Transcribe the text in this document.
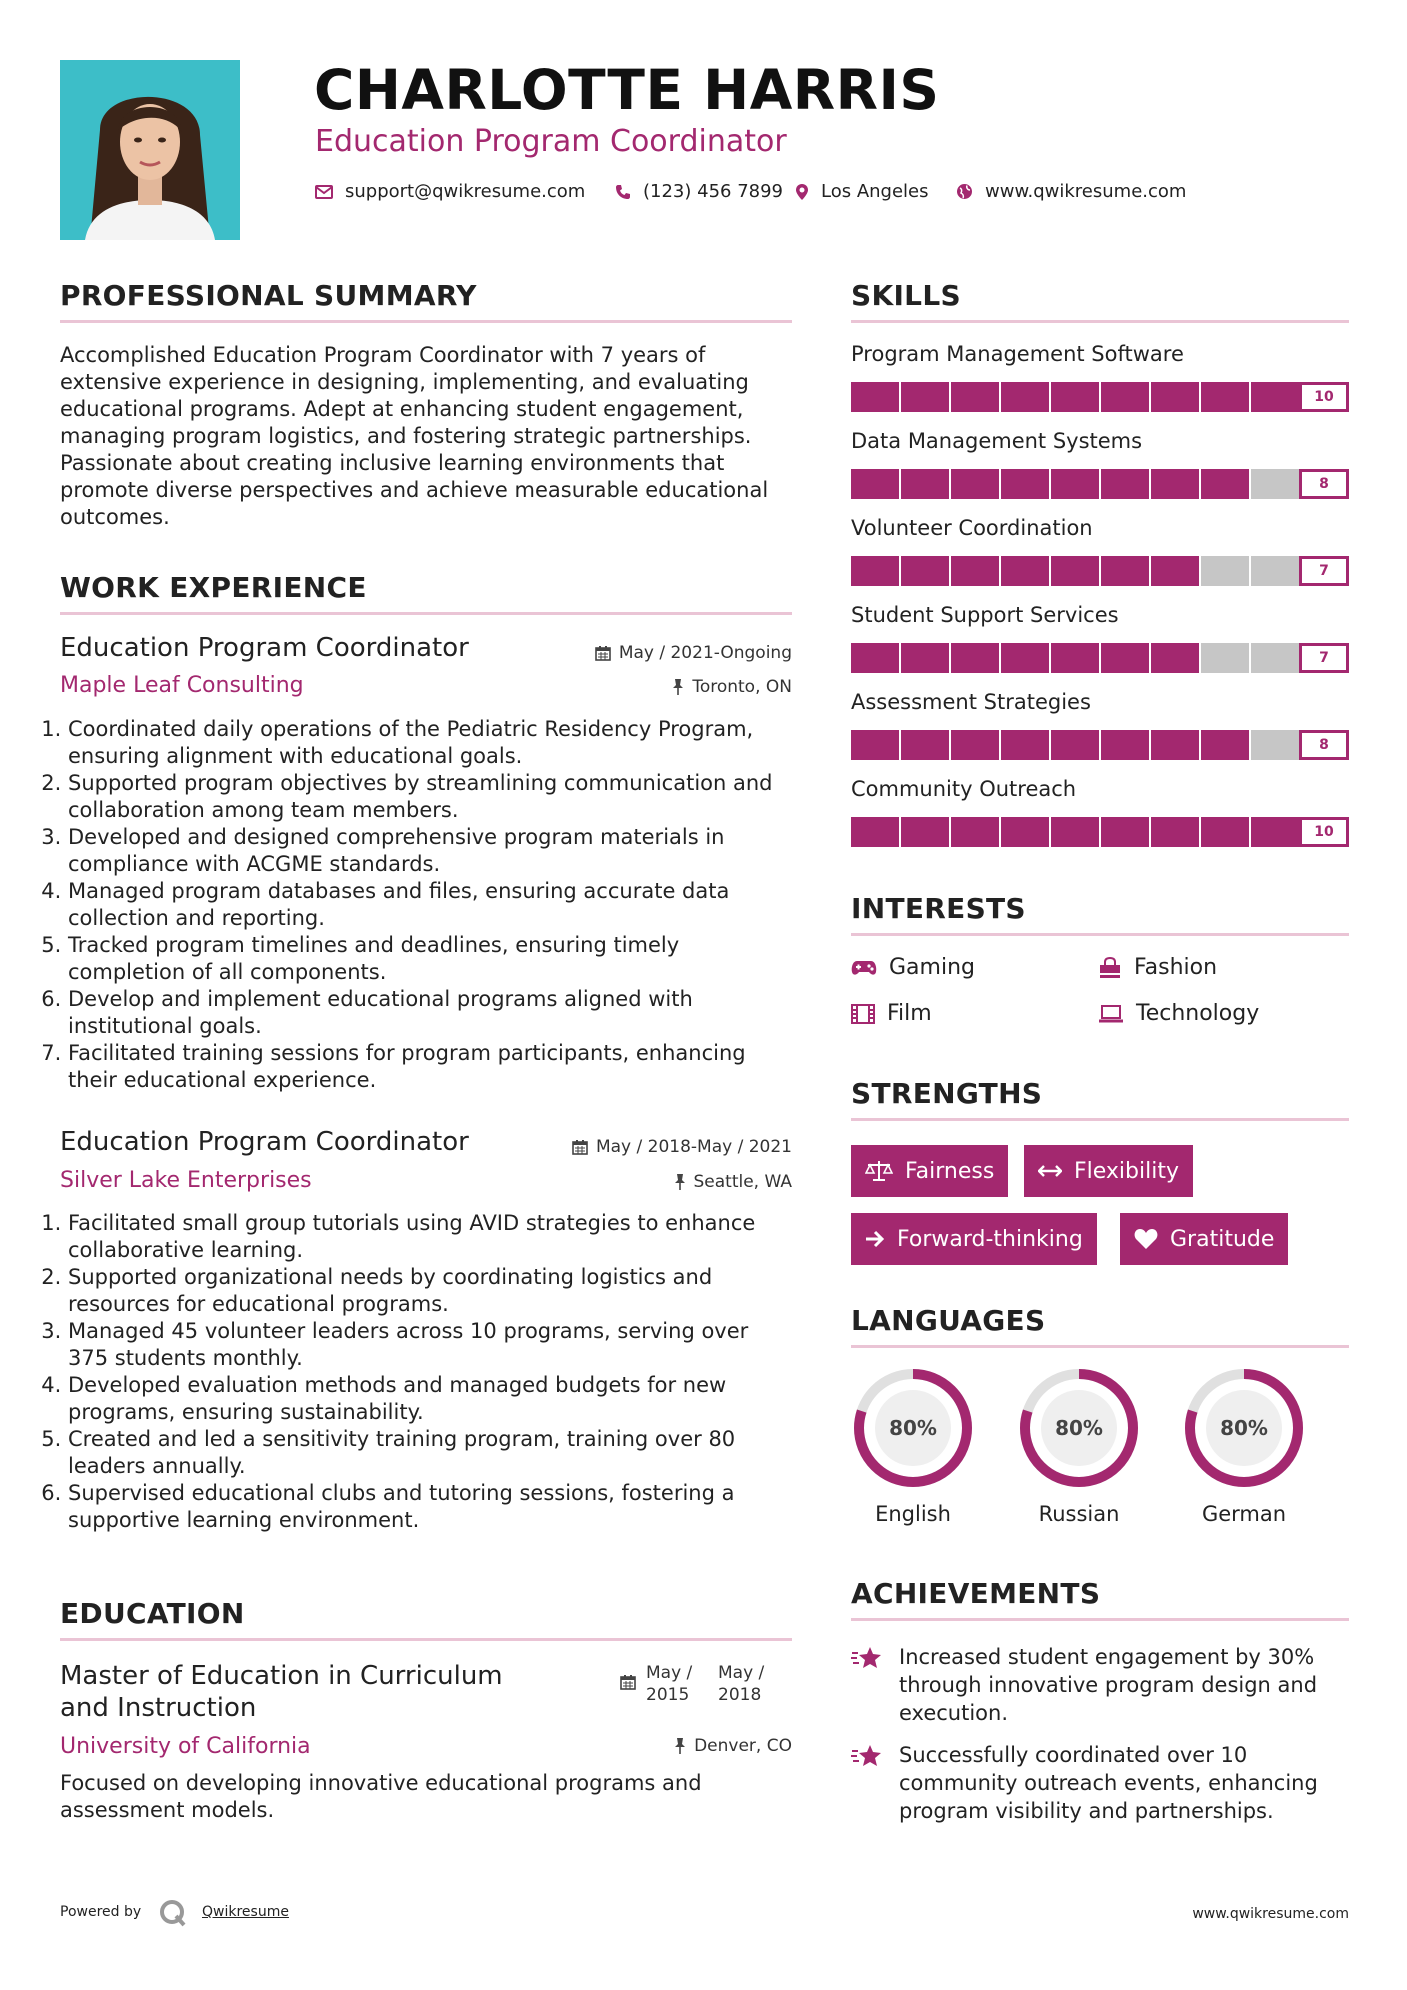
CHARLOTTE HARRIS
Education Program Coordinator
support@qwikresume.com	(123) 456 7899 Los Angeles	www.qwikresume.com
PROFESSIONAL SUMMARY
Accomplished Education Program Coordinator with 7 years of extensive experience in designing, implementing, and evaluating educational programs. Adept at enhancing student engagement, managing program logistics, and fostering strategic partnerships. Passionate about creating inclusive learning environments that promote diverse perspectives and achieve measurable educational outcomes.
WORK EXPERIENCE
Education Program Coordinator	May / 2021-Ongoing
Maple Leaf Consulting	Toronto, ON
1. Coordinated daily operations of the Pediatric Residency Program, ensuring alignment with educational goals.
2. Supported program objectives by streamlining communication and collaboration among team members.
3. Developed and designed comprehensive program materials in compliance with ACGME standards.
4. Managed program databases and files, ensuring accurate data collection and reporting.
5. Tracked program timelines and deadlines, ensuring timely completion of all components.
6. Develop and implement educational programs aligned with institutional goals.
7. Facilitated training sessions for program participants, enhancing their educational experience.
Education Program Coordinator	May / 2018-May / 2021
Silver Lake Enterprises	Seattle, WA
1. Facilitated small group tutorials using AVID strategies to enhance collaborative learning.
2. Supported organizational needs by coordinating logistics and resources for educational programs.
3. Managed 45 volunteer leaders across 10 programs, serving over 375 students monthly.
4. Developed evaluation methods and managed budgets for new programs, ensuring sustainability.
5. Created and led a sensitivity training program, training over 80 leaders annually.
6. Supervised educational clubs and tutoring sessions, fostering a supportive learning environment.
EDUCATION
Master of Education in Curriculum and Instruction
May / 2015
May / 2018
University of California	Denver, CO
Focused on developing innovative educational programs and assessment models.
SKILLS
Program Management Software
10
Data Management Systems
8
Volunteer Coordination
7
Student Support Services
7
Assessment Strategies
8
Community Outreach
10
INTERESTS
Gaming	Fashion
Film	Technology
STRENGTHS
Fairness	Flexibility
Forward-thinking	Gratitude
LANGUAGES
80%
English
80%
Russian
80%
German
ACHIEVEMENTS
Increased student engagement by 30% through innovative program design and execution.
Successfully coordinated over 10 community outreach events, enhancing program visibility and partnerships.
Powered by	Qwikresume	www.qwikresume.com
